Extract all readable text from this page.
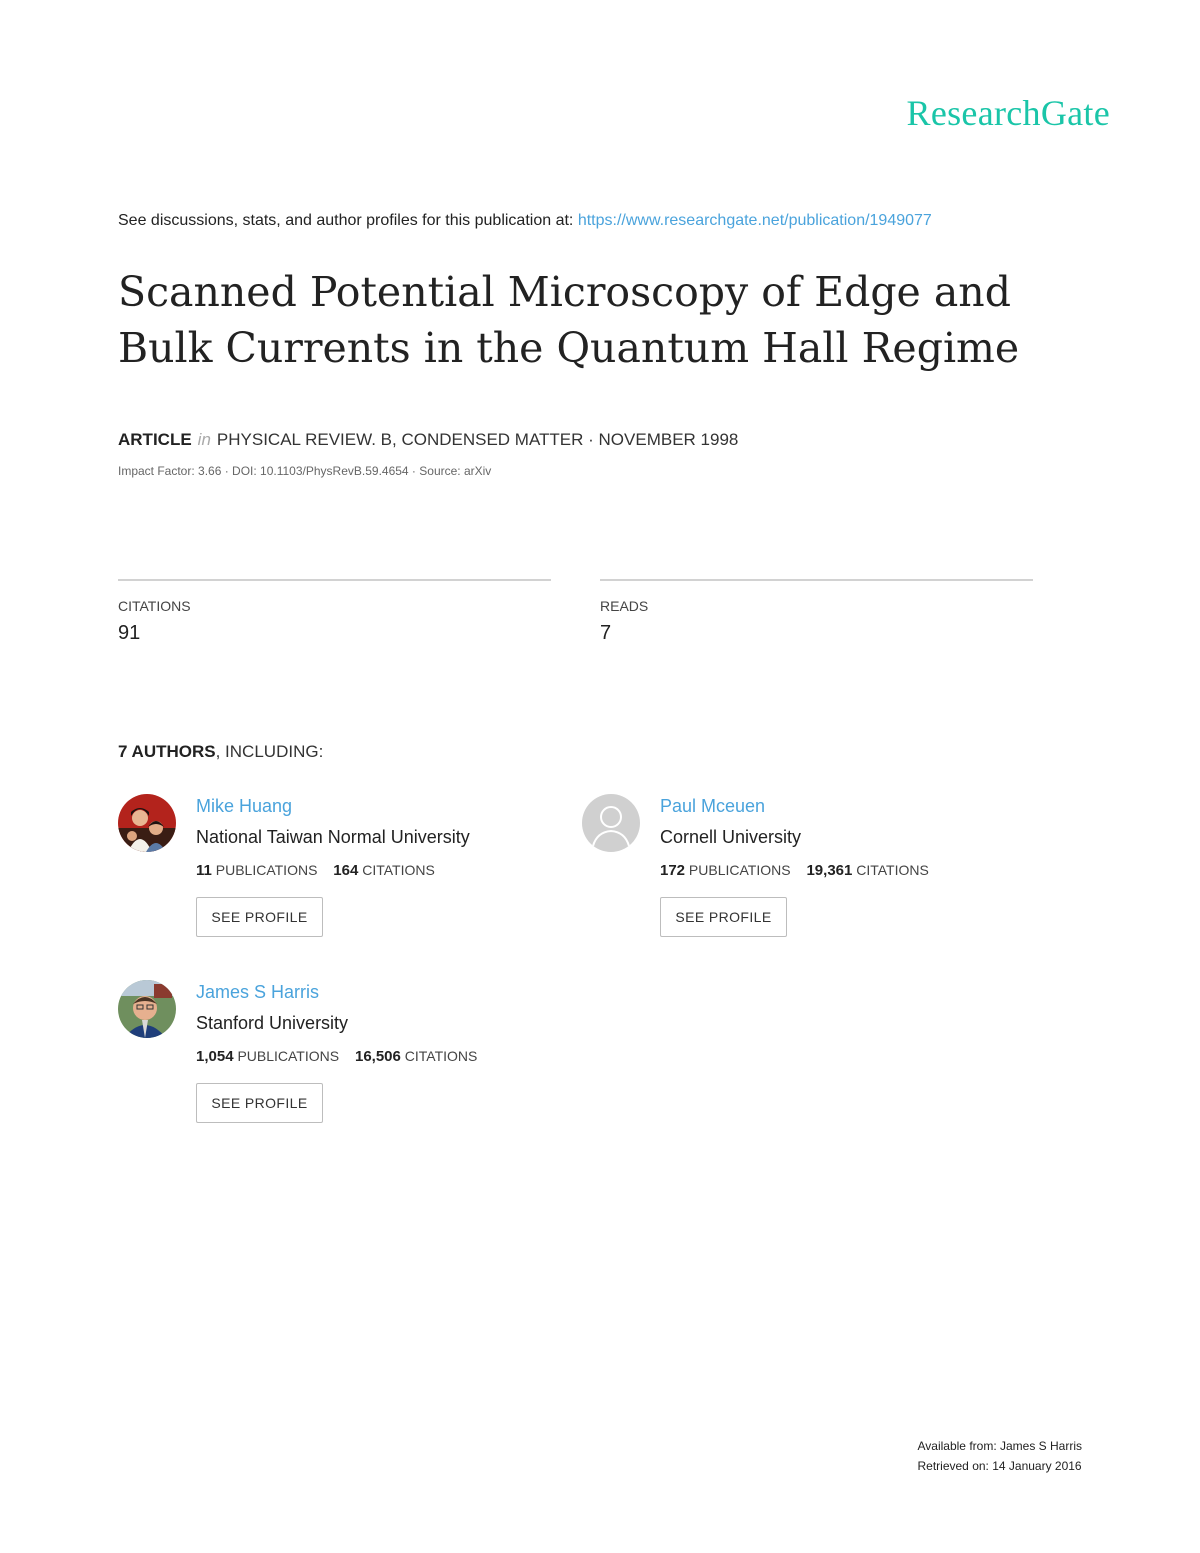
ResearchGate
See discussions, stats, and author profiles for this publication at: https://www.researchgate.net/publication/1949077
Scanned Potential Microscopy of Edge and Bulk Currents in the Quantum Hall Regime
ARTICLE in PHYSICAL REVIEW. B, CONDENSED MATTER · NOVEMBER 1998
Impact Factor: 3.66 · DOI: 10.1103/PhysRevB.59.4654 · Source: arXiv
CITATIONS
91
READS
7
7 AUTHORS, INCLUDING:
Mike Huang
National Taiwan Normal University
11 PUBLICATIONS 164 CITATIONS
SEE PROFILE
Paul Mceuen
Cornell University
172 PUBLICATIONS 19,361 CITATIONS
SEE PROFILE
James S Harris
Stanford University
1,054 PUBLICATIONS 16,506 CITATIONS
SEE PROFILE
Available from: James S Harris
Retrieved on: 14 January 2016
